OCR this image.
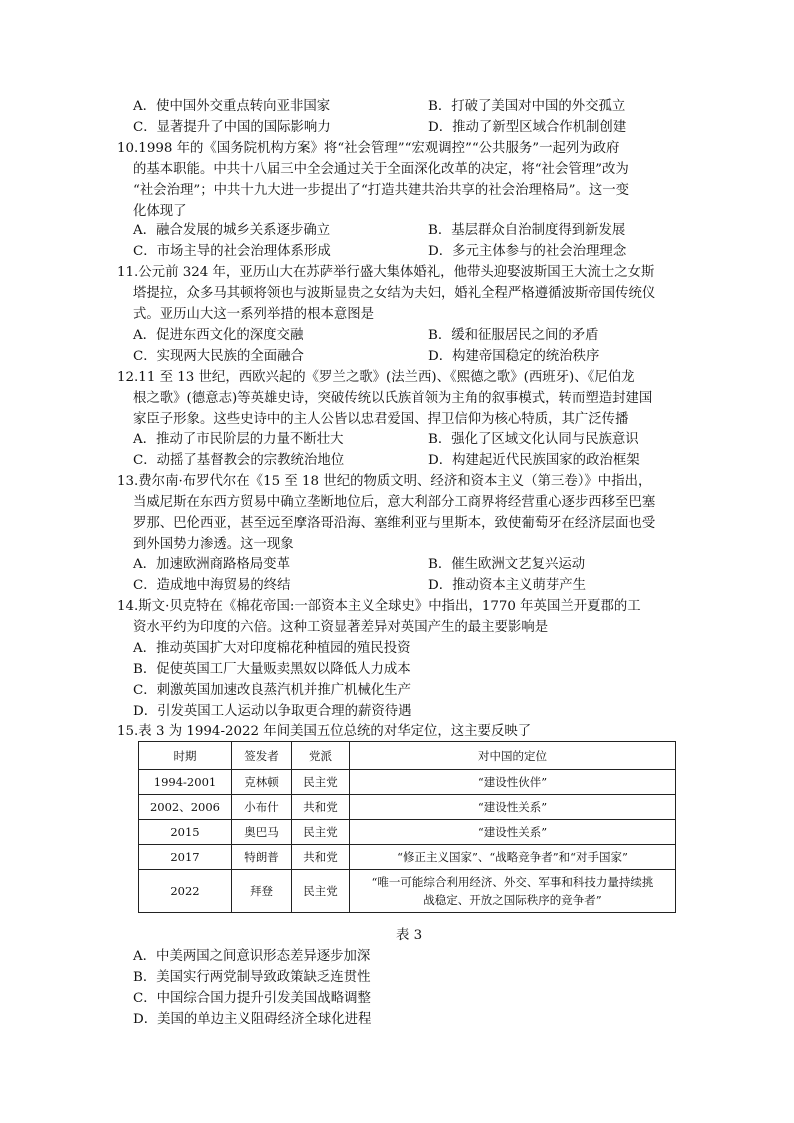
A．使中国外交重点转向亚非国家	B．打破了美国对中国的外交孤立
C．显著提升了中国的国际影响力	D．推动了新型区域合作机制创建
10.1998 年的《国务院机构方案》将“社会管理”“宏观调控”“公共服务”一起列为政府
的基本职能。中共十八届三中全会通过关于全面深化改革的决定，将“社会管理”改为
“社会治理”；中共十九大进一步提出了“打造共建共治共享的社会治理格局”。这一变
化体现了
A．融合发展的城乡关系逐步确立	B．基层群众自治制度得到新发展
C．市场主导的社会治理体系形成	D．多元主体参与的社会治理理念
11.公元前 324 年，亚历山大在苏萨举行盛大集体婚礼，他带头迎娶波斯国王大流士之女斯
塔提拉，众多马其顿将领也与波斯显贵之女结为夫妇，婚礼全程严格遵循波斯帝国传统仪
式。亚历山大这一系列举措的根本意图是
A．促进东西文化的深度交融	B．缓和征服居民之间的矛盾
C．实现两大民族的全面融合	D．构建帝国稳定的统治秩序
12.11 至 13 世纪，西欧兴起的《罗兰之歌》(法兰西)、《熙德之歌》(西班牙)、《尼伯龙
根之歌》(德意志)等英雄史诗，突破传统以氏族首领为主角的叙事模式，转而塑造封建国
家臣子形象。这些史诗中的主人公皆以忠君爱国、捍卫信仰为核心特质，其广泛传播
A．推动了市民阶层的力量不断壮大	B．强化了区域文化认同与民族意识
C．动摇了基督教会的宗教统治地位	D．构建起近代民族国家的政治框架
13.费尔南·布罗代尔在《15 至 18 世纪的物质文明、经济和资本主义（第三卷）》中指出，
当威尼斯在东西方贸易中确立垄断地位后，意大利部分工商界将经营重心逐步西移至巴塞
罗那、巴伦西亚，甚至远至摩洛哥沿海、塞维利亚与里斯本，致使葡萄牙在经济层面也受
到外国势力渗透。这一现象
A．加速欧洲商路格局变革	B．催生欧洲文艺复兴运动
C．造成地中海贸易的终结	D．推动资本主义萌芽产生
14.斯文·贝克特在《棉花帝国:一部资本主义全球史》中指出，1770 年英国兰开夏郡的工
资水平约为印度的六倍。这种工资显著差异对英国产生的最主要影响是
A．推动英国扩大对印度棉花种植园的殖民投资
B．促使英国工厂大量贩卖黑奴以降低人力成本
C．刺激英国加速改良蒸汽机并推广机械化生产
D．引发英国工人运动以争取更合理的薪资待遇
15.表 3 为 1994-2022 年间美国五位总统的对华定位，这主要反映了
时期	签发者	党派	对中国的定位
1994-2001	克林顿	民主党	“建设性伙伴”
2002、2006	小布什	共和党	“建设性关系”
2015	奥巴马	民主党	“建设性关系”
2017	特朗普	共和党	“修正主义国家”、“战略竞争者”和“对手国家”
2022	拜登	民主党	“唯一可能综合利用经济、外交、军事和科技力量持续挑
战稳定、开放之国际秩序的竞争者”
表 3
A．中美两国之间意识形态差异逐步加深
B．美国实行两党制导致政策缺乏连贯性
C．中国综合国力提升引发美国战略调整
D．美国的单边主义阻碍经济全球化进程
